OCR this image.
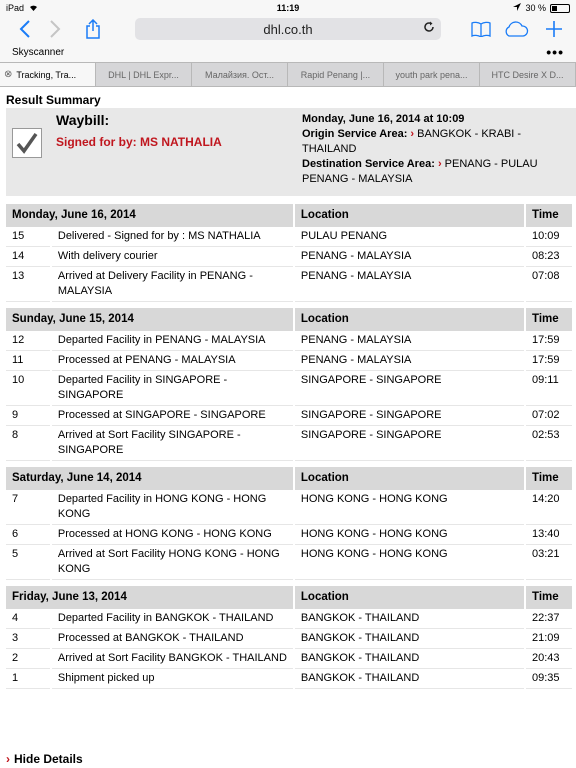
iPad	11:19	30 %
dhl.co.th
Skyscanner	•••
⊗ Tracking, Tra...	DHL | DHL Expr...	Малайзия. Ост...	Rapid Penang |...	youth park pena...	HTC Desire X D...
Result Summary
Waybill:
Signed for by: MS NATHALIA
Monday, June 16, 2014 at 10:09
Origin Service Area: › BANGKOK - KRABI - THAILAND
Destination Service Area: › PENANG - PULAU PENANG - MALAYSIA
Monday, June 16, 2014		Location	Time
15	Delivered - Signed for by : MS NATHALIA	PULAU PENANG	10:09
14	With delivery courier	PENANG - MALAYSIA	08:23
13	Arrived at Delivery Facility in PENANG - MALAYSIA	PENANG - MALAYSIA	07:08
Sunday, June 15, 2014		Location	Time
12	Departed Facility in PENANG - MALAYSIA	PENANG - MALAYSIA	17:59
11	Processed at PENANG - MALAYSIA	PENANG - MALAYSIA	17:59
10	Departed Facility in SINGAPORE - SINGAPORE	SINGAPORE - SINGAPORE	09:11
9	Processed at SINGAPORE - SINGAPORE	SINGAPORE - SINGAPORE	07:02
8	Arrived at Sort Facility SINGAPORE - SINGAPORE	SINGAPORE - SINGAPORE	02:53
Saturday, June 14, 2014		Location	Time
7	Departed Facility in HONG KONG - HONG KONG	HONG KONG - HONG KONG	14:20
6	Processed at HONG KONG - HONG KONG	HONG KONG - HONG KONG	13:40
5	Arrived at Sort Facility HONG KONG - HONG KONG	HONG KONG - HONG KONG	03:21
Friday, June 13, 2014		Location	Time
4	Departed Facility in BANGKOK - THAILAND	BANGKOK - THAILAND	22:37
3	Processed at BANGKOK - THAILAND	BANGKOK - THAILAND	21:09
2	Arrived at Sort Facility BANGKOK - THAILAND	BANGKOK - THAILAND	20:43
1	Shipment picked up	BANGKOK - THAILAND	09:35
› Hide Details
